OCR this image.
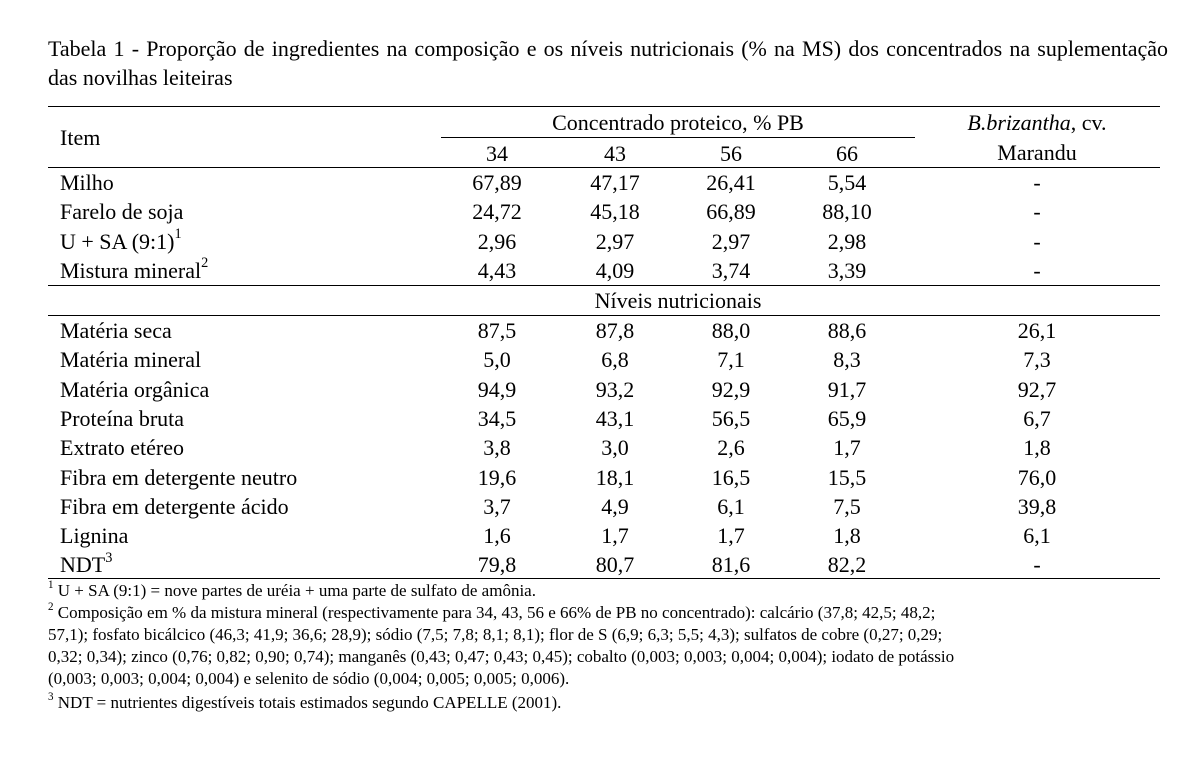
Tabela 1 - Proporção de ingredientes na composição e os níveis nutricionais (% na MS) dos concentrados na suplementação das novilhas leiteiras
Item
Concentrado proteico, % PB
34	43	56	66
B.brizantha, cv.
Marandu
Milho	67,89	47,17	26,41	5,54	-
Farelo de soja	24,72	45,18	66,89	88,10	-
U + SA (9:1)$^1$	2,96	2,97	2,97	2,98	-
Mistura mineral$^2$	4,43	4,09	3,74	3,39	-
Níveis nutricionais
Matéria seca	87,5	87,8	88,0	88,6	26,1
Matéria mineral	5,0	6,8	7,1	8,3	7,3
Matéria orgânica	94,9	93,2	92,9	91,7	92,7
Proteína bruta	34,5	43,1	56,5	65,9	6,7
Extrato etéreo	3,8	3,0	2,6	1,7	1,8
Fibra em detergente neutro	19,6	18,1	16,5	15,5	76,0
Fibra em detergente ácido	3,7	4,9	6,1	7,5	39,8
Lignina	1,6	1,7	1,7	1,8	6,1
NDT$^3$	79,8	80,7	81,6	82,2	-
$^1$ U + SA (9:1) = nove partes de uréia + uma parte de sulfato de amônia.
$^2$ Composição em % da mistura mineral (respectivamente para 34, 43, 56 e 66% de PB no concentrado): calcário (37,8; 42,5; 48,2;
57,1); fosfato bicálcico (46,3; 41,9; 36,6; 28,9); sódio (7,5; 7,8; 8,1; 8,1); flor de S (6,9; 6,3; 5,5; 4,3); sulfatos de cobre (0,27; 0,29;
0,32; 0,34); zinco (0,76; 0,82; 0,90; 0,74); manganês (0,43; 0,47; 0,43; 0,45); cobalto (0,003; 0,003; 0,004; 0,004); iodato de potássio
(0,003; 0,003; 0,004; 0,004) e selenito de sódio (0,004; 0,005; 0,005; 0,006).
$^3$ NDT = nutrientes digestíveis totais estimados segundo CAPELLE (2001).
